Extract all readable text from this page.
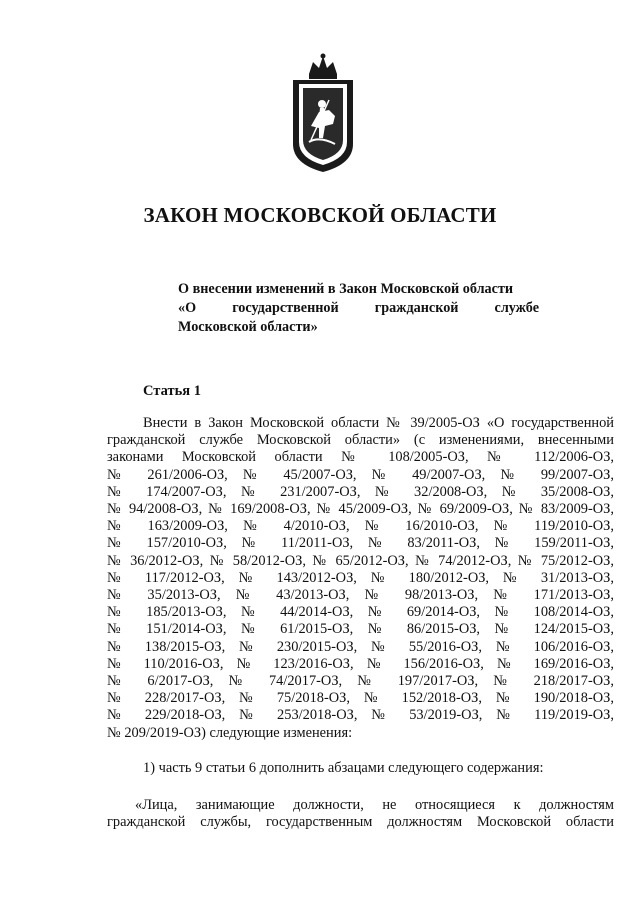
ЗАКОН МОСКОВСКОЙ ОБЛАСТИ
О внесении изменений в Закон Московской области
«О государственной гражданской службе
Московской области»
Статья 1
Внести в Закон Московской области № 39/2005-ОЗ «О государственной
гражданской службе Московской области» (с изменениями, внесенными
законами Московской области № 108/2005-ОЗ, № 112/2006-ОЗ,
№ 261/2006-ОЗ, № 45/2007-ОЗ, № 49/2007-ОЗ, № 99/2007-ОЗ,
№ 174/2007-ОЗ, № 231/2007-ОЗ, № 32/2008-ОЗ, № 35/2008-ОЗ,
№ 94/2008-ОЗ, № 169/2008-ОЗ, № 45/2009-ОЗ, № 69/2009-ОЗ, № 83/2009-ОЗ,
№ 163/2009-ОЗ, № 4/2010-ОЗ, № 16/2010-ОЗ, № 119/2010-ОЗ,
№ 157/2010-ОЗ, № 11/2011-ОЗ, № 83/2011-ОЗ, № 159/2011-ОЗ,
№ 36/2012-ОЗ, № 58/2012-ОЗ, № 65/2012-ОЗ, № 74/2012-ОЗ, № 75/2012-ОЗ,
№ 117/2012-ОЗ, № 143/2012-ОЗ, № 180/2012-ОЗ, № 31/2013-ОЗ,
№ 35/2013-ОЗ, № 43/2013-ОЗ, № 98/2013-ОЗ, № 171/2013-ОЗ,
№ 185/2013-ОЗ, № 44/2014-ОЗ, № 69/2014-ОЗ, № 108/2014-ОЗ,
№ 151/2014-ОЗ, № 61/2015-ОЗ, № 86/2015-ОЗ, № 124/2015-ОЗ,
№ 138/2015-ОЗ, № 230/2015-ОЗ, № 55/2016-ОЗ, № 106/2016-ОЗ,
№ 110/2016-ОЗ, № 123/2016-ОЗ, № 156/2016-ОЗ, № 169/2016-ОЗ,
№ 6/2017-ОЗ, № 74/2017-ОЗ, № 197/2017-ОЗ, № 218/2017-ОЗ,
№ 228/2017-ОЗ, № 75/2018-ОЗ, № 152/2018-ОЗ, № 190/2018-ОЗ,
№ 229/2018-ОЗ, № 253/2018-ОЗ, № 53/2019-ОЗ, № 119/2019-ОЗ,
№ 209/2019-ОЗ) следующие изменения:
1) часть 9 статьи 6 дополнить абзацами следующего содержания:
«Лица, занимающие должности, не относящиеся к должностям
гражданской службы, государственным должностям Московской области
